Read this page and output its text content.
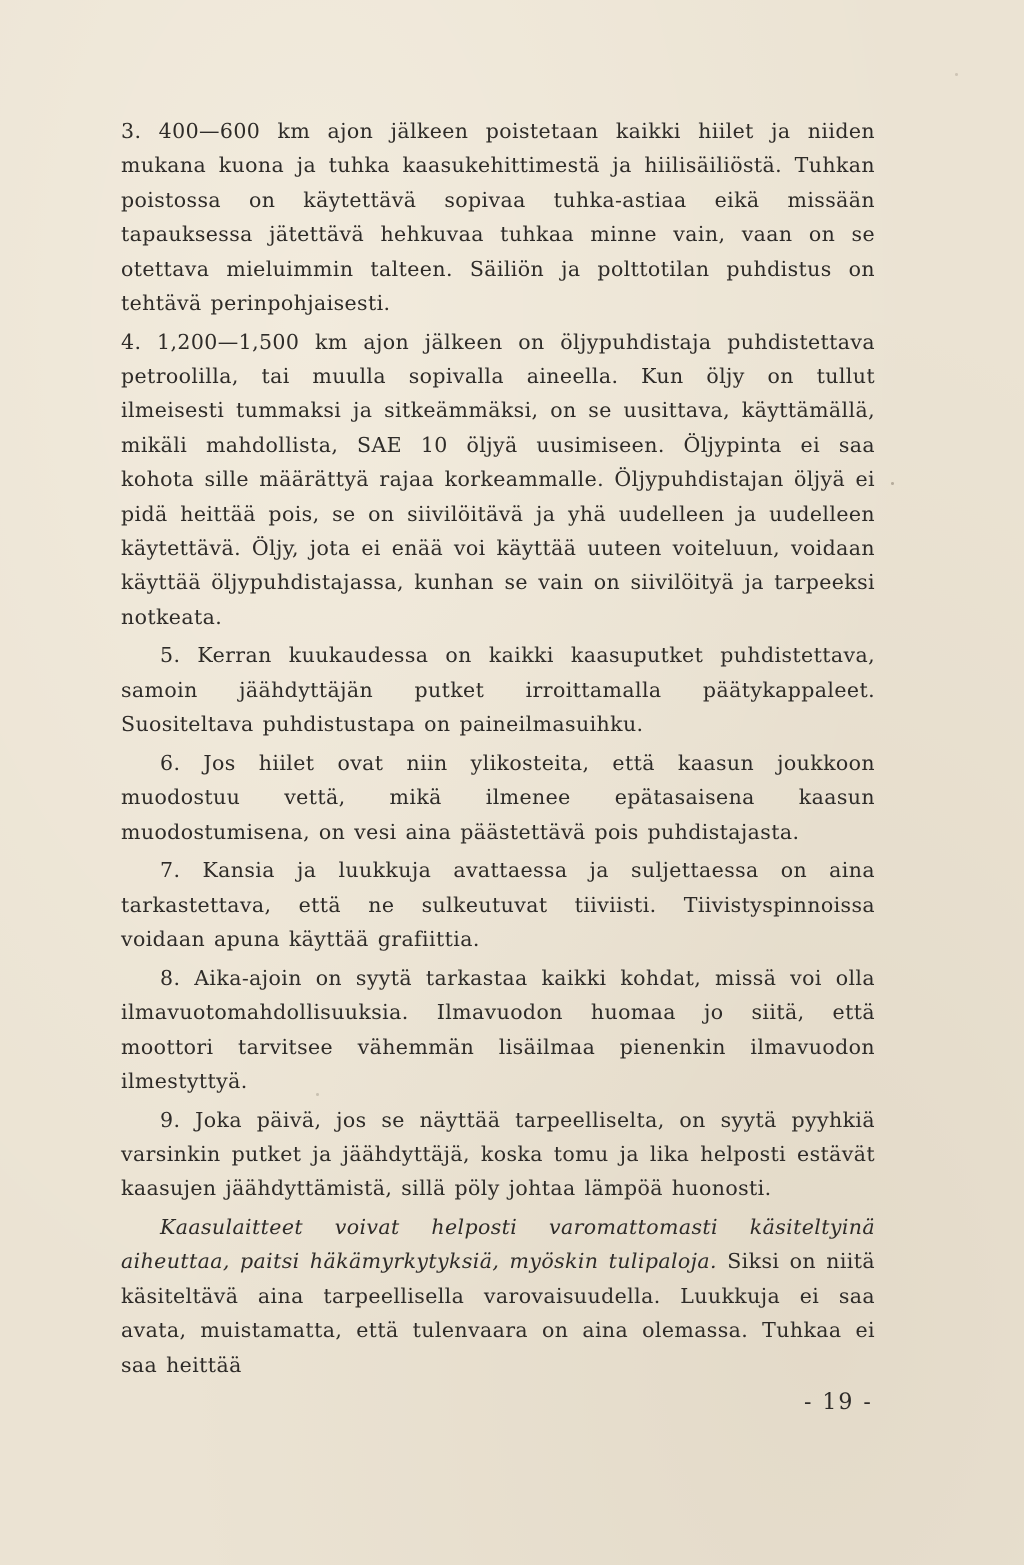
3. 400—600 km ajon jälkeen poistetaan kaikki hiilet ja niiden mukana kuona ja tuhka kaasukehittimestä ja hiilisäiliöstä. Tuhkan poistossa on käytettävä sopivaa tuhka-astiaa eikä missään tapauksessa jätettävä hehkuvaa tuhkaa minne vain, vaan on se otettava mieluimmin talteen. Säiliön ja polttotilan puhdistus on tehtävä perinpohjaisesti.

4. 1,200—1,500 km ajon jälkeen on öljypuhdistaja puhdistettava petroolilla, tai muulla sopivalla aineella. Kun öljy on tullut ilmeisesti tummaksi ja sitkeämmäksi, on se uusittava, käyttämällä, mikäli mahdollista, SAE 10 öljyä uusimiseen. Öljypinta ei saa kohota sille määrättyä rajaa korkeammalle. Öljypuhdistajan öljyä ei pidä heittää pois, se on siivilöitävä ja yhä uudelleen ja uudelleen käytettävä. Öljy, jota ei enää voi käyttää uuteen voiteluun, voidaan käyttää öljypuhdistajassa, kunhan se vain on siivilöityä ja tarpeeksi notkeata.

5. Kerran kuukaudessa on kaikki kaasuputket puhdistettava, samoin jäähdyttäjän putket irroittamalla päätykappaleet. Suositeltava puhdistustapa on paineilmasuihku.

6. Jos hiilet ovat niin ylikosteita, että kaasun joukkoon muodostuu vettä, mikä ilmenee epätasaisena kaasun muodostumisena, on vesi aina päästettävä pois puhdistajasta.

7. Kansia ja luukkuja avattaessa ja suljettaessa on aina tarkastettava, että ne sulkeutuvat tiiviisti. Tiivistyspinnoissa voidaan apuna käyttää grafiittia.

8. Aika-ajoin on syytä tarkastaa kaikki kohdat, missä voi olla ilmavuotomahdollisuuksia. Ilmavuodon huomaa jo siitä, että moottori tarvitsee vähemmän lisäilmaa pienenkin ilmavuodon ilmestyttyä.

9. Joka päivä, jos se näyttää tarpeelliselta, on syytä pyyhkiä varsinkin putket ja jäähdyttäjä, koska tomu ja lika helposti estävät kaasujen jäähdyttämistä, sillä pöly johtaa lämpöä huonosti.

Kaasulaitteet voivat helposti varomattomasti käsiteltyinä aiheuttaa, paitsi häkämyrkytyksiä, myöskin tulipaloja. Siksi on niitä käsiteltävä aina tarpeellisella varovaisuudella. Luukkuja ei saa avata, muistamatta, että tulenvaara on aina olemassa. Tuhkaa ei saa heittää

- 19 -
